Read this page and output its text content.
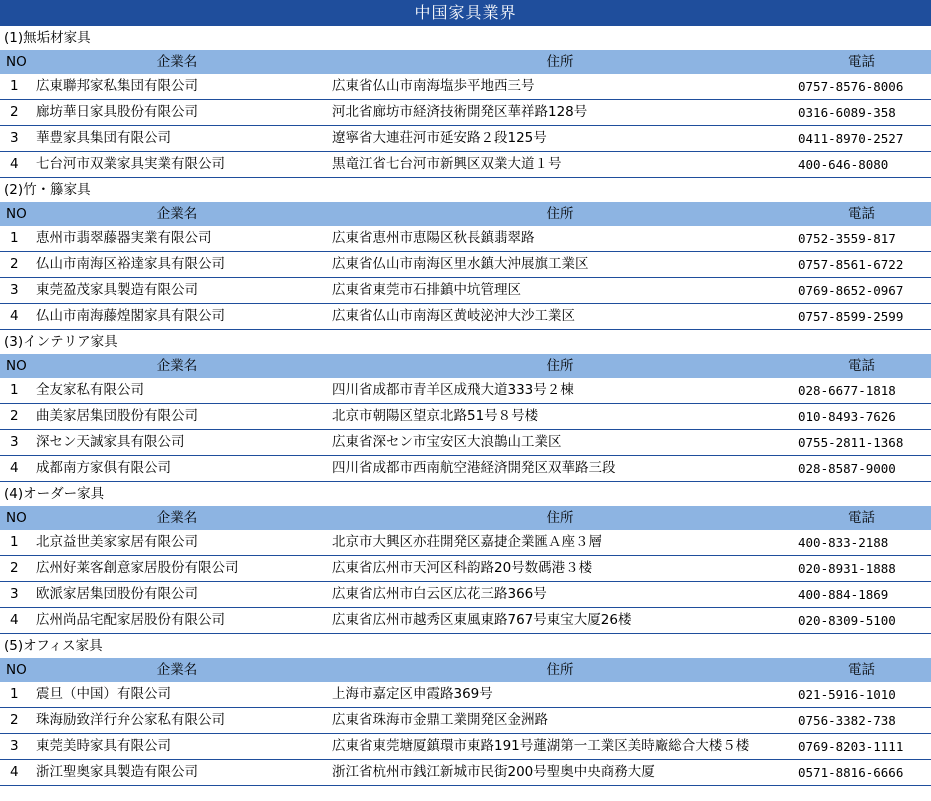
中国家具業界
(1)無垢材家具
NO	企業名	住所	電話
1	広東聯邦家私集団有限公司	広東省仏山市南海塩歩平地西三号	0757-8576-8006
2	廊坊華日家具股份有限公司	河北省廊坊市経済技術開発区華祥路128号	0316-6089-358
3	華豊家具集団有限公司	遼寧省大連荘河市延安路２段125号	0411-8970-2527
4	七台河市双業家具実業有限公司	黒竜江省七台河市新興区双業大道１号	400-646-8080
(2)竹・籐家具
NO	企業名	住所	電話
1	恵州市翡翠藤器実業有限公司	広東省恵州市恵陽区秋長鎮翡翠路	0752-3559-817
2	仏山市南海区裕達家具有限公司	広東省仏山市南海区里水鎮大沖展旗工業区	0757-8561-6722
3	東莞盈茂家具製造有限公司	広東省東莞市石排鎮中坑管理区	0769-8652-0967
4	仏山市南海藤煌閣家具有限公司	広東省仏山市南海区黄岐泌沖大沙工業区	0757-8599-2599
(3)インテリア家具
NO	企業名	住所	電話
1	全友家私有限公司	四川省成都市青羊区成飛大道333号２棟	028-6677-1818
2	曲美家居集団股份有限公司	北京市朝陽区望京北路51号８号楼	010-8493-7626
3	深セン天誠家具有限公司	広東省深セン市宝安区大浪鵲山工業区	0755-2811-1368
4	成都南方家俱有限公司	四川省成都市西南航空港経済開発区双華路三段	028-8587-9000
(4)オーダー家具
NO	企業名	住所	電話
1	北京益世美家家居有限公司	北京市大興区亦荘開発区嘉捷企業匯Ａ座３層	400-833-2188
2	広州好莱客創意家居股份有限公司	広東省広州市天河区科韵路20号数碼港３楼	020-8931-1888
3	欧派家居集団股份有限公司	広東省広州市白云区広花三路366号	400-884-1869
4	広州尚品宅配家居股份有限公司	広東省広州市越秀区東風東路767号東宝大厦26楼	020-8309-5100
(5)オフィス家具
NO	企業名	住所	電話
1	震旦（中国）有限公司	上海市嘉定区申霞路369号	021-5916-1010
2	珠海励致洋行弁公家私有限公司	広東省珠海市金鼎工業開発区金洲路	0756-3382-738
3	東莞美時家具有限公司	広東省東莞塘厦鎮環市東路191号蓮湖第一工業区美時廠総合大楼５楼	0769-8203-1111
4	浙江聖奥家具製造有限公司	浙江省杭州市銭江新城市民街200号聖奥中央商務大厦	0571-8816-6666
